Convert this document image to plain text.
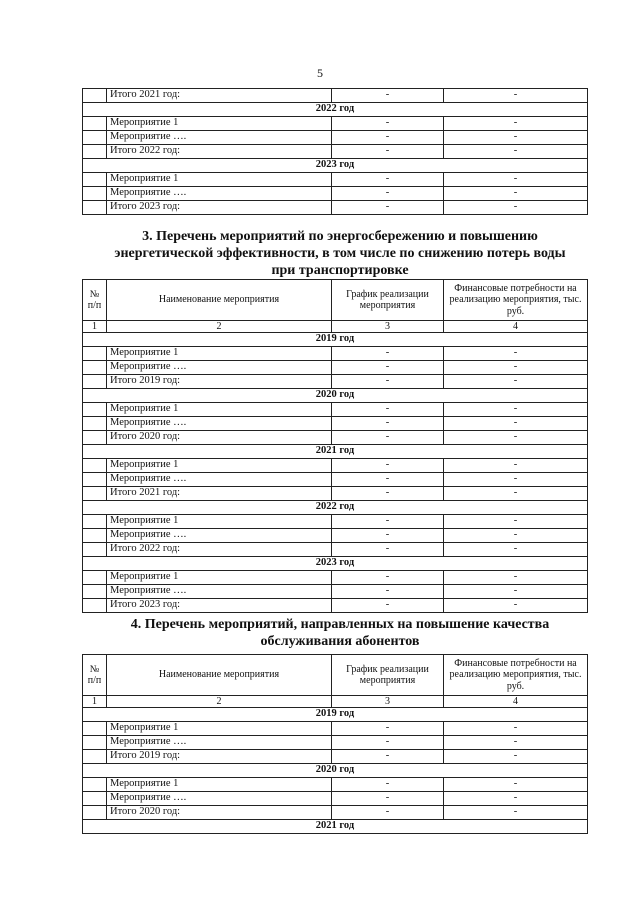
5
	Итого 2021 год:	-	-
2022 год			
	Мероприятие 1	-	-
	Мероприятие ….	-	-
	Итого 2022 год:	-	-
2023 год			
	Мероприятие 1	-	-
	Мероприятие ….	-	-
	Итого 2023 год:	-	-
3. Перечень мероприятий по энергосбережению и повышению
энергетической эффективности, в том числе по снижению потерь воды
при транспортировке
№ п/п	Наименование мероприятия	График реализации мероприятия	Финансовые потребности на реализацию мероприятия, тыс. руб.
1	2	3	4
2019 год			
	Мероприятие 1	-	-
	Мероприятие ….	-	-
	Итого 2019 год:	-	-
2020 год			
	Мероприятие 1	-	-
	Мероприятие ….	-	-
	Итого 2020 год:	-	-
2021 год			
	Мероприятие 1	-	-
	Мероприятие ….	-	-
	Итого 2021 год:	-	-
2022 год			
	Мероприятие 1	-	-
	Мероприятие ….	-	-
	Итого 2022 год:	-	-
2023 год			
	Мероприятие 1	-	-
	Мероприятие ….	-	-
	Итого 2023 год:	-	-
4. Перечень мероприятий, направленных на повышение качества
обслуживания абонентов
№ п/п	Наименование мероприятия	График реализации мероприятия	Финансовые потребности на реализацию мероприятия, тыс. руб.
1	2	3	4
2019 год			
	Мероприятие 1	-	-
	Мероприятие ….	-	-
	Итого 2019 год:	-	-
2020 год			
	Мероприятие 1	-	-
	Мероприятие ….	-	-
	Итого 2020 год:	-	-
2021 год			
